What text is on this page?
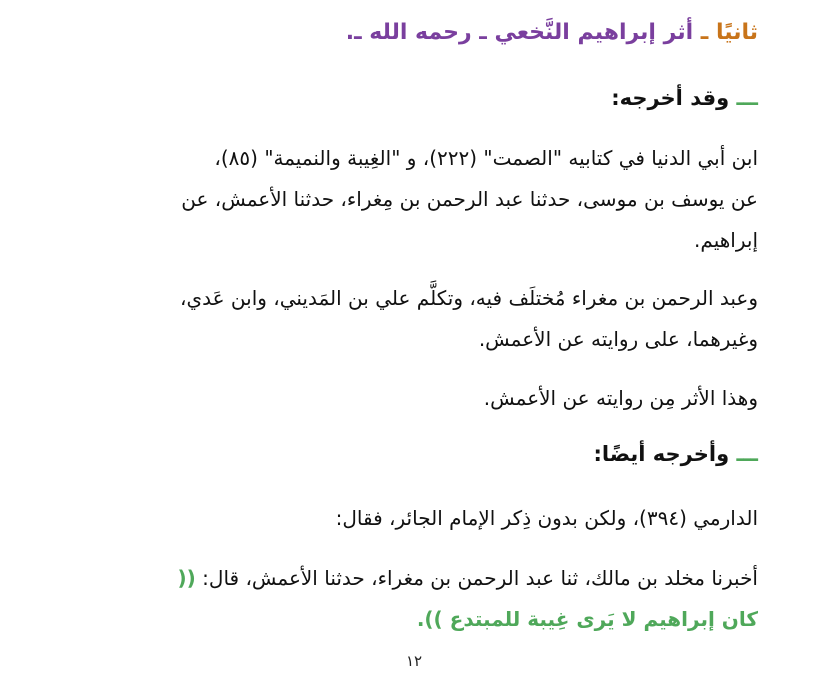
ثانيًا ـ أثر إبراهيم النَّخعي ـ رحمه الله ـ.
ـــ وقد أخرجه:
ابن أبي الدنيا في كتابيه "الصمت" (٢٢٢)، و "الغِيبة والنميمة" (٨٥)،
عن يوسف بن موسى، حدثنا عبد الرحمن بن مِغراء، حدثنا الأعمش، عن
إبراهيم.
وعبد الرحمن بن مغراء مُختلَف فيه، وتكلَّم علي بن المَديني، وابن عَدي،
وغيرهما، على روايته عن الأعمش.
وهذا الأثر مِن روايته عن الأعمش.
ـــ وأخرجه أيضًا:
الدارمي (٣٩٤)، ولكن بدون ذِكر الإمام الجائر، فقال:
أخبرنا مخلد بن مالك، ثنا عبد الرحمن بن مغراء، حدثنا الأعمش، قال: ((
كان إبراهيم لا يَرى غِيبة للمبتدع )).
١٢
